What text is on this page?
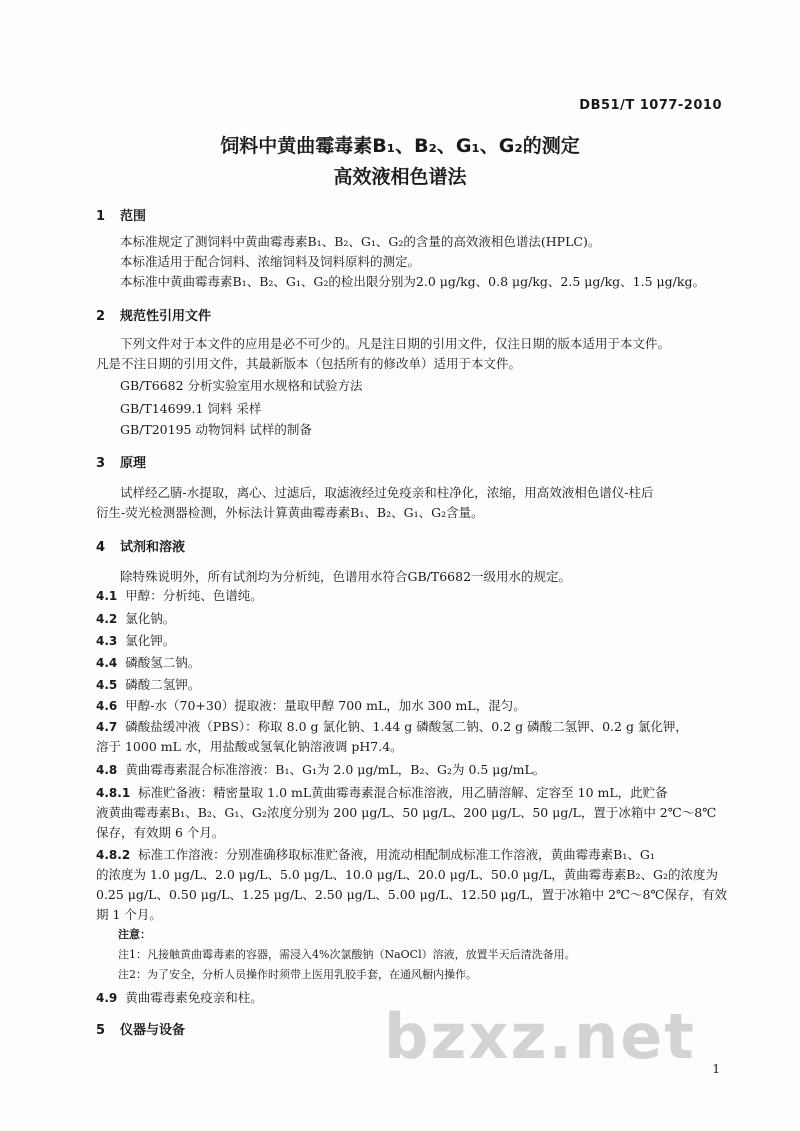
DB51/T 1077-2010
饲料中黄曲霉毒素B₁、B₂、G₁、G₂的测定
高效液相色谱法
1 范围
本标准规定了测饲料中黄曲霉毒素B₁、B₂、G₁、G₂的含量的高效液相色谱法(HPLC)。
本标准适用于配合饲料、浓缩饲料及饲料原料的测定。
本标准中黄曲霉毒素B₁、B₂、G₁、G₂的检出限分别为2.0 μg/kg、0.8 μg/kg、2.5 μg/kg、1.5 μg/kg。
2 规范性引用文件
下列文件对于本文件的应用是必不可少的。凡是注日期的引用文件，仅注日期的版本适用于本文件。
凡是不注日期的引用文件，其最新版本（包括所有的修改单）适用于本文件。
GB/T6682 分析实验室用水规格和试验方法
GB/T14699.1 饲料 采样
GB/T20195 动物饲料 试样的制备
3 原理
试样经乙腈-水提取，离心、过滤后，取滤液经过免疫亲和柱净化，浓缩，用高效液相色谱仪-柱后
衍生-荧光检测器检测，外标法计算黄曲霉毒素B₁、B₂、G₁、G₂含量。
4 试剂和溶液
除特殊说明外，所有试剂均为分析纯，色谱用水符合GB/T6682一级用水的规定。
4.1 甲醇：分析纯、色谱纯。
4.2 氯化钠。
4.3 氯化钾。
4.4 磷酸氢二钠。
4.5 磷酸二氢钾。
4.6 甲醇-水（70+30）提取液：量取甲醇 700 mL，加水 300 mL，混匀。
4.7 磷酸盐缓冲液（PBS）：称取 8.0 g 氯化钠、1.44 g 磷酸氢二钠、0.2 g 磷酸二氢钾、0.2 g 氯化钾，
溶于 1000 mL 水，用盐酸或氢氧化钠溶液调 pH7.4。
4.8 黄曲霉毒素混合标准溶液：B₁、G₁为 2.0 μg/mL，B₂、G₂为 0.5 μg/mL。
4.8.1 标准贮备液：精密量取 1.0 mL黄曲霉毒素混合标准溶液，用乙腈溶解、定容至 10 mL，此贮备
液黄曲霉毒素B₁、B₂、G₁、G₂浓度分别为 200 μg/L、50 μg/L、200 μg/L、50 μg/L，置于冰箱中 2℃～8℃
保存，有效期 6 个月。
4.8.2 标准工作溶液：分别准确移取标准贮备液，用流动相配制成标准工作溶液，黄曲霉毒素B₁、G₁
的浓度为 1.0 μg/L、2.0 μg/L、5.0 μg/L、10.0 μg/L、20.0 μg/L、50.0 μg/L，黄曲霉毒素B₂、G₂的浓度为
0.25 μg/L、0.50 μg/L、1.25 μg/L、2.50 μg/L、5.00 μg/L、12.50 μg/L，置于冰箱中 2℃～8℃保存，有效
期 1 个月。
注意：
注1：凡接触黄曲霉毒素的容器，需浸入4%次氯酸钠（NaOCl）溶液，放置半天后清洗备用。
注2：为了安全，分析人员操作时须带上医用乳胶手套，在通风橱内操作。
4.9 黄曲霉毒素免疫亲和柱。
5 仪器与设备	bzxz.net 1
